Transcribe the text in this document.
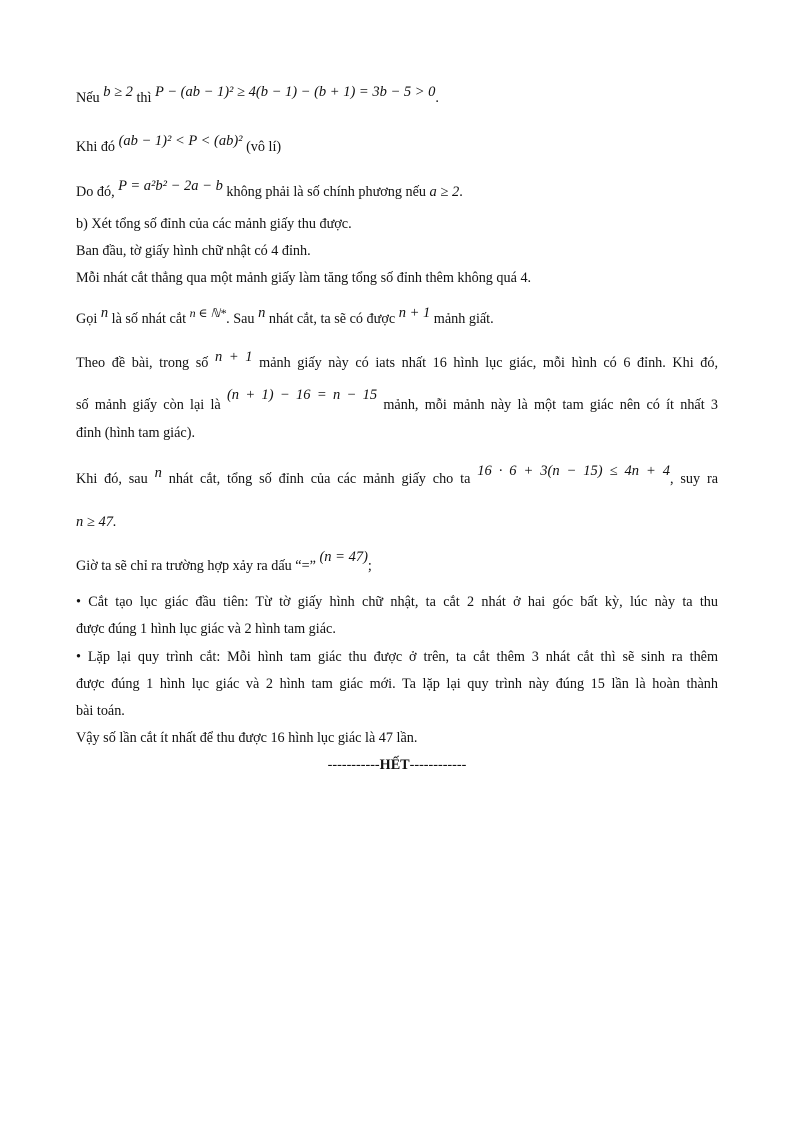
Nếu b ≥ 2 thì P − (ab − 1)² ≥ 4(b − 1) − (b + 1) = 3b − 5 > 0.
Khi đó (ab − 1)² < P < (ab)² (vô lí)
Do đó, P = a²b² − 2a − b không phải là số chính phương nếu a ≥ 2.
b) Xét tổng số đỉnh của các mảnh giấy thu được.
Ban đầu, tờ giấy hình chữ nhật có 4 đỉnh.
Mỗi nhát cắt thẳng qua một mảnh giấy làm tăng tổng số đỉnh thêm không quá 4.
Gọi n là số nhát cắt $^{n \in ℕ*}$. Sau n nhát cắt, ta sẽ có được n + 1 mảnh giất.
Theo đề bài, trong số n + 1 mảnh giấy này có iats nhất 16 hình lục giác, mỗi hình có 6 đỉnh. Khi đó,
số mảnh giấy còn lại là (n + 1) − 16 = n − 15 mảnh, mỗi mảnh này là một tam giác nên có ít nhất 3
đỉnh (hình tam giác).
Khi đó, sau n nhát cắt, tổng số đỉnh của các mảnh giấy cho ta 16 · 6 + 3(n − 15) ≤ 4n + 4, suy ra
n ≥ 47.
Giờ ta sẽ chỉ ra trường hợp xảy ra dấu “=” (n = 47);
• Cắt tạo lục giác đầu tiên: Từ tờ giấy hình chữ nhật, ta cắt 2 nhát ở hai góc bất kỳ, lúc này ta thu
được đúng 1 hình lục giác và 2 hình tam giác.
• Lặp lại quy trình cắt: Mỗi hình tam giác thu được ở trên, ta cắt thêm 3 nhát cắt thì sẽ sinh ra thêm
được đúng 1 hình lục giác và 2 hình tam giác mới. Ta lặp lại quy trình này đúng 15 lần là hoàn thành
bài toán.
Vậy số lần cắt ít nhất để thu được 16 hình lục giác là 47 lần.
-----------HẾT------------
